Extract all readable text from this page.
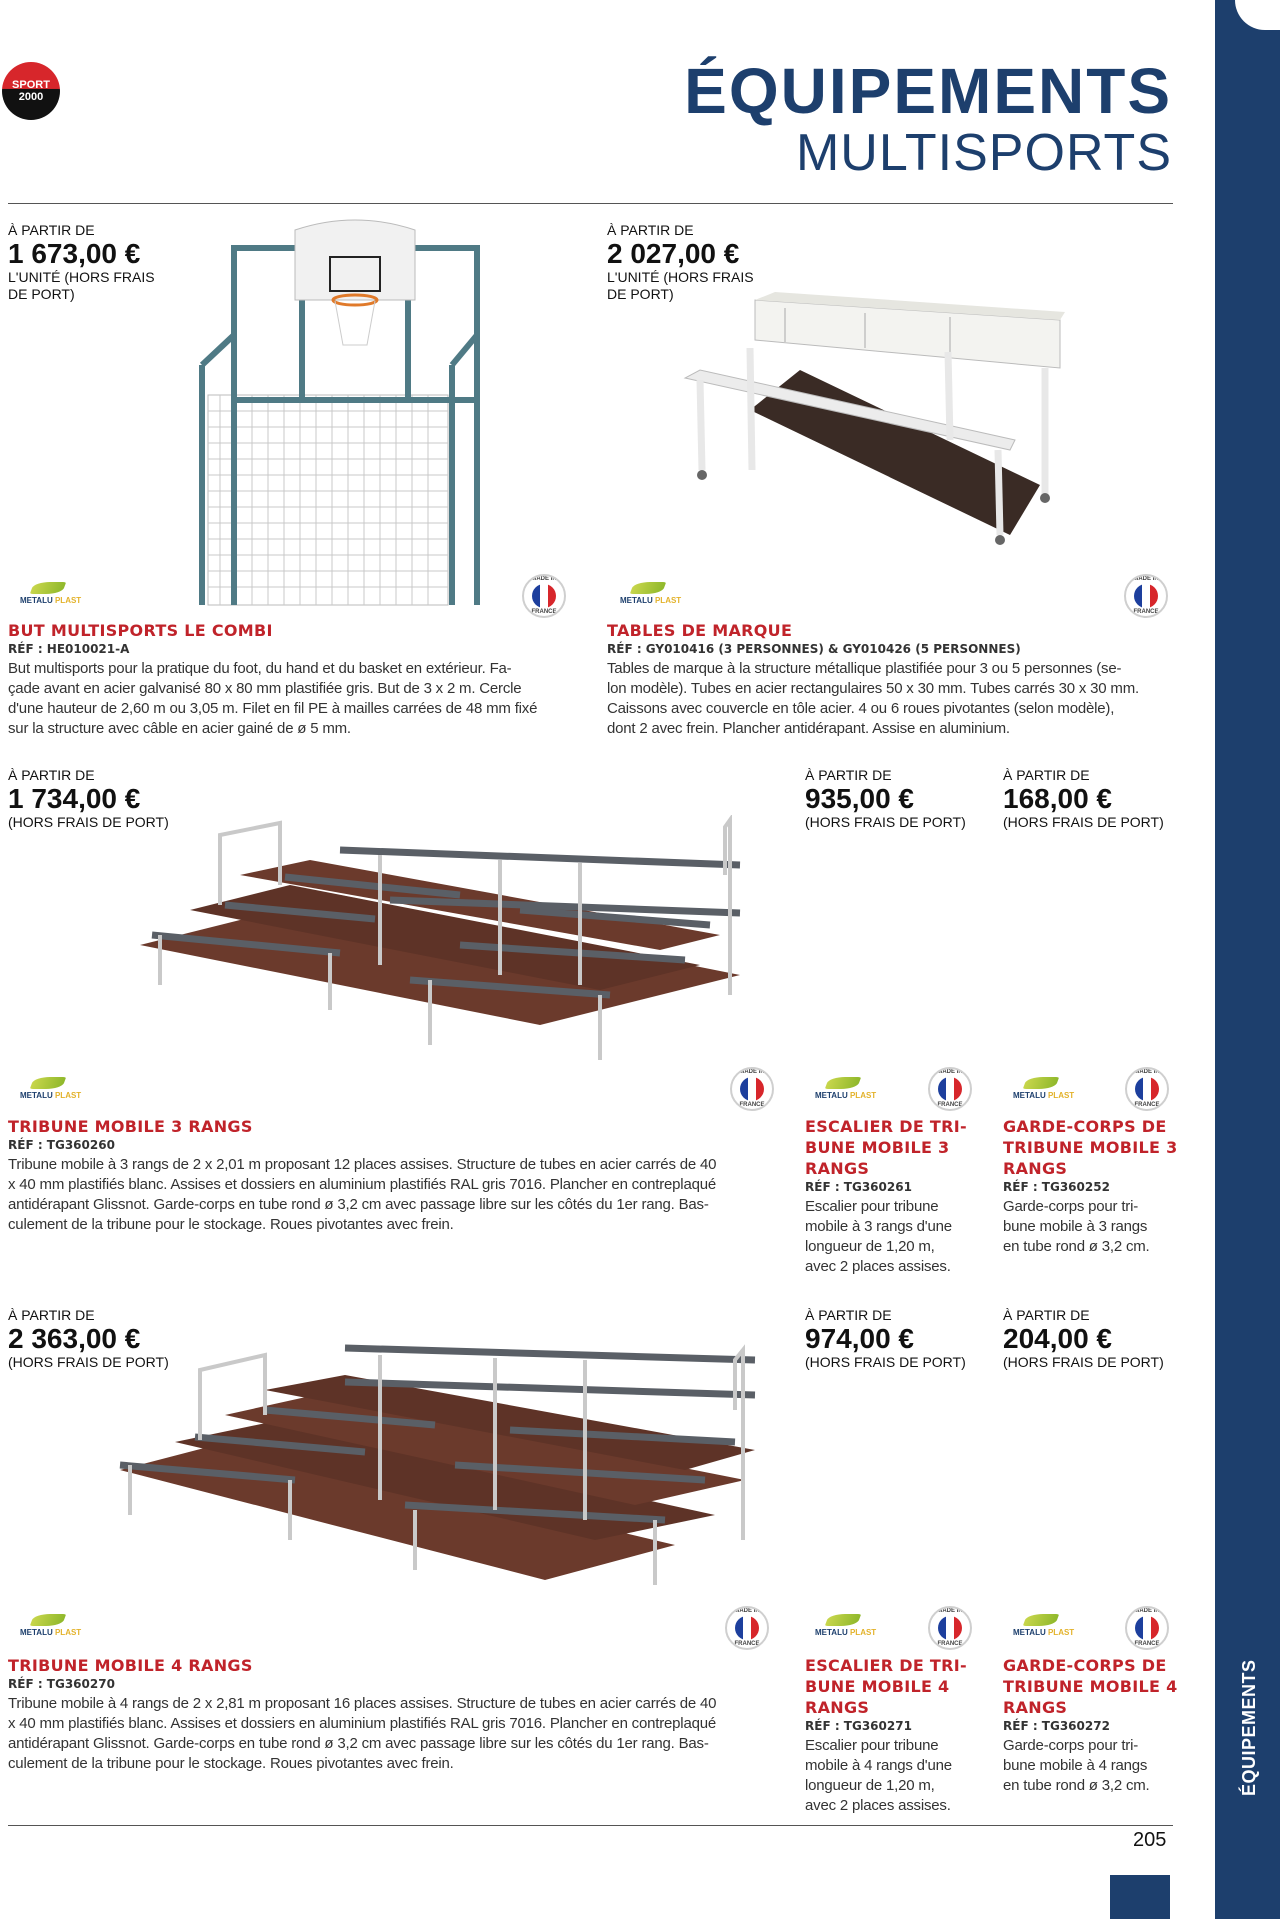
ÉQUIPEMENTS
SPORT
2000	ÉQUIPEMENTS
MULTISPORTS
À PARTIR DE
1 673,00 €
L'UNITÉ (HORS FRAIS
DE PORT)
METALU PLAST
MADE IN
FRANCE
BUT MULTISPORTS LE COMBI
RÉF : HE010021-A
But multisports pour la pratique du foot, du hand et du basket en extérieur. Fa-
çade avant en acier galvanisé 80 x 80 mm plastifiée gris. But de 3 x 2 m. Cercle
d'une hauteur de 2,60 m ou 3,05 m. Filet en fil PE à mailles carrées de 48 mm fixé
sur la structure avec câble en acier gainé de ø 5 mm.
À PARTIR DE
2 027,00 €
L'UNITÉ (HORS FRAIS
DE PORT)
METALU PLAST
MADE IN
FRANCE
TABLES DE MARQUE
RÉF : GY010416 (3 PERSONNES) & GY010426 (5 PERSONNES)
Tables de marque à la structure métallique plastifiée pour 3 ou 5 personnes (se-
lon modèle). Tubes en acier rectangulaires 50 x 30 mm. Tubes carrés 30 x 30 mm.
Caissons avec couvercle en tôle acier. 4 ou 6 roues pivotantes (selon modèle),
dont 2 avec frein. Plancher antidérapant. Assise en aluminium.
À PARTIR DE
1 734,00 €
(HORS FRAIS DE PORT)
METALU PLAST
MADE IN
FRANCE
TRIBUNE MOBILE 3 RANGS
RÉF : TG360260
Tribune mobile à 3 rangs de 2 x 2,01 m proposant 12 places assises. Structure de tubes en acier carrés de 40
x 40 mm plastifiés blanc. Assises et dossiers en aluminium plastifiés RAL gris 7016. Plancher en contreplaqué
antidérapant Glissnot. Garde-corps en tube rond ø 3,2 cm avec passage libre sur les côtés du 1er rang. Bas-
culement de la tribune pour le stockage. Roues pivotantes avec frein.
À PARTIR DE
935,00 €
(HORS FRAIS DE PORT)
METALU PLAST
MADE IN
FRANCE
ESCALIER DE TRI-
BUNE MOBILE 3
RANGS
RÉF : TG360261
Escalier pour tribune
mobile à 3 rangs d'une
longueur de 1,20 m,
avec 2 places assises.
À PARTIR DE
168,00 €
(HORS FRAIS DE PORT)
METALU PLAST
MADE IN
FRANCE
GARDE-CORPS DE
TRIBUNE MOBILE 3
RANGS
RÉF : TG360252
Garde-corps pour tri-
bune mobile à 3 rangs
en tube rond ø 3,2 cm.
À PARTIR DE
2 363,00 €
(HORS FRAIS DE PORT)
METALU PLAST
MADE IN
FRANCE
TRIBUNE MOBILE 4 RANGS
RÉF : TG360270
Tribune mobile à 4 rangs de 2 x 2,81 m proposant 16 places assises. Structure de tubes en acier carrés de 40
x 40 mm plastifiés blanc. Assises et dossiers en aluminium plastifiés RAL gris 7016. Plancher en contreplaqué
antidérapant Glissnot. Garde-corps en tube rond ø 3,2 cm avec passage libre sur les côtés du 1er rang. Bas-
culement de la tribune pour le stockage. Roues pivotantes avec frein.
À PARTIR DE
974,00 €
(HORS FRAIS DE PORT)
METALU PLAST
MADE IN
FRANCE
ESCALIER DE TRI-
BUNE MOBILE 4
RANGS
RÉF : TG360271
Escalier pour tribune
mobile à 4 rangs d'une
longueur de 1,20 m,
avec 2 places assises.
À PARTIR DE
204,00 €
(HORS FRAIS DE PORT)
METALU PLAST
MADE IN
FRANCE
GARDE-CORPS DE
TRIBUNE MOBILE 4
RANGS
RÉF : TG360272
Garde-corps pour tri-
bune mobile à 4 rangs
en tube rond ø 3,2 cm.
205
